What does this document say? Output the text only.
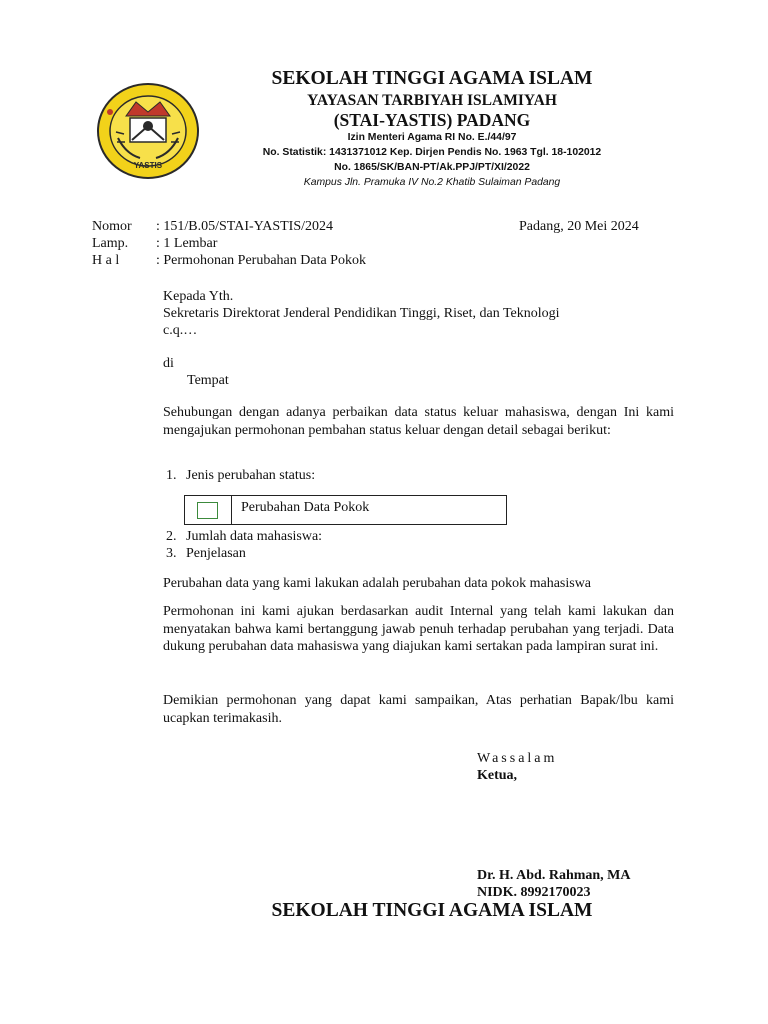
YASTIS
SEKOLAH TINGGI AGAMA ISLAM
YAYASAN TARBIYAH ISLAMIYAH
(STAI-YASTIS) PADANG
Izin Menteri Agama RI No. E./44/97
No. Statistik: 1431371012 Kep. Dirjen Pendis No. 1963 Tgl. 18-102012
No. 1865/SK/BAN-PT/Ak.PPJ/PT/XI/2022
Kampus Jln. Pramuka IV No.2 Khatib Sulaiman Padang
Nomor : 151/B.05/STAI-YASTIS/2024	Padang, 20 Mei 2024
Lamp. : 1 Lembar
H a l	: Permohonan Perubahan Data Pokok
Kepada Yth.
Sekretaris Direktorat Jenderal Pendidikan Tinggi, Riset, dan Teknologi
c.q.…
di
Tempat
Sehubungan dengan adanya perbaikan data status keluar mahasiswa, dengan Ini kami mengajukan permohonan pembahan status keluar dengan detail sebagai berikut:
1. Jenis perubahan status:
Perubahan Data Pokok
2. Jumlah data mahasiswa:
3. Penjelasan
Perubahan data yang kami lakukan adalah perubahan data pokok mahasiswa
Permohonan ini kami ajukan berdasarkan audit Internal yang telah kami lakukan dan menyatakan bahwa kami bertanggung jawab penuh terhadap perubahan yang terjadi. Data dukung perubahan data mahasiswa yang diajukan kami sertakan pada lampiran surat ini.
Demikian permohonan yang dapat kami sampaikan, Atas perhatian Bapak/lbu kami ucapkan terimakasih.
Wassalam
Ketua,
Dr. H. Abd. Rahman, MA
NIDK. 8992170023
SEKOLAH TINGGI AGAMA ISLAM
